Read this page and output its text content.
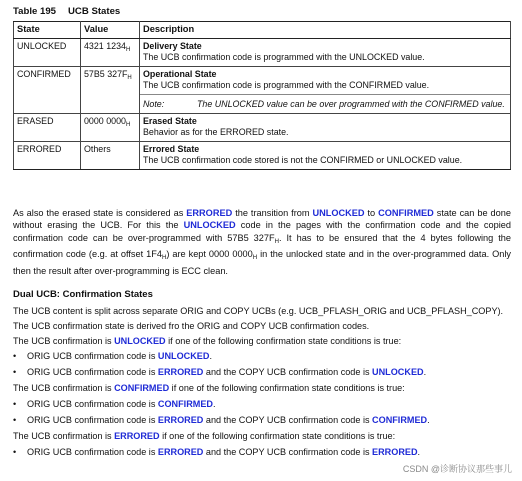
Table 195 UCB States
State	Value	Description
UNLOCKED	4321 $1234_H$	Delivery State
The UCB confirmation code is programmed with the UNLOCKED value.

CONFIRMED	57B5 $327F_H$	Operational State
The UCB confirmation code is programmed with the CONFIRMED value.
Note: The UNLOCKED value can be over programmed with the CONFIRMED value.

ERASED	0000 $0000_H$	Erased State
Behavior as for the ERRORED state.

ERRORED	Others	Errored State
The UCB confirmation code stored is not the CONFIRMED or UNLOCKED value.
As also the erased state is considered as ERRORED the transition from UNLOCKED to CONFIRMED state can be done without erasing the UCB. For this the UNLOCKED code in the pages with the confirmation code and the copied confirmation code can be over-programmed with 57B5 $327F_H$. It has to be ensured that the 4 bytes following the confirmation code (e.g. at offset $1F4_H$) are kept 0000 $0000_H$ in the unlocked state and in the over-programmed data. Only then the result after over-programming is ECC clean.
Dual UCB: Confirmation States
The UCB content is split across separate ORIG and COPY UCBs (e.g. UCB_PFLASH_ORIG and UCB_PFLASH_COPY).
The UCB confirmation state is derived fro the ORIG and COPY UCB confirmation codes.
The UCB confirmation is UNLOCKED if one of the following confirmation state conditions is true:
• ORIG UCB confirmation code is UNLOCKED.
• ORIG UCB confirmation code is ERRORED and the COPY UCB confirmation code is UNLOCKED.
The UCB confirmation is CONFIRMED if one of the following confirmation state conditions is true:
• ORIG UCB confirmation code is CONFIRMED.
• ORIG UCB confirmation code is ERRORED and the COPY UCB confirmation code is CONFIRMED.
The UCB confirmation is ERRORED if one of the following confirmation state conditions is true:
• ORIG UCB confirmation code is ERRORED and the COPY UCB confirmation code is ERRORED.
CSDN @诊断协议那些事儿
